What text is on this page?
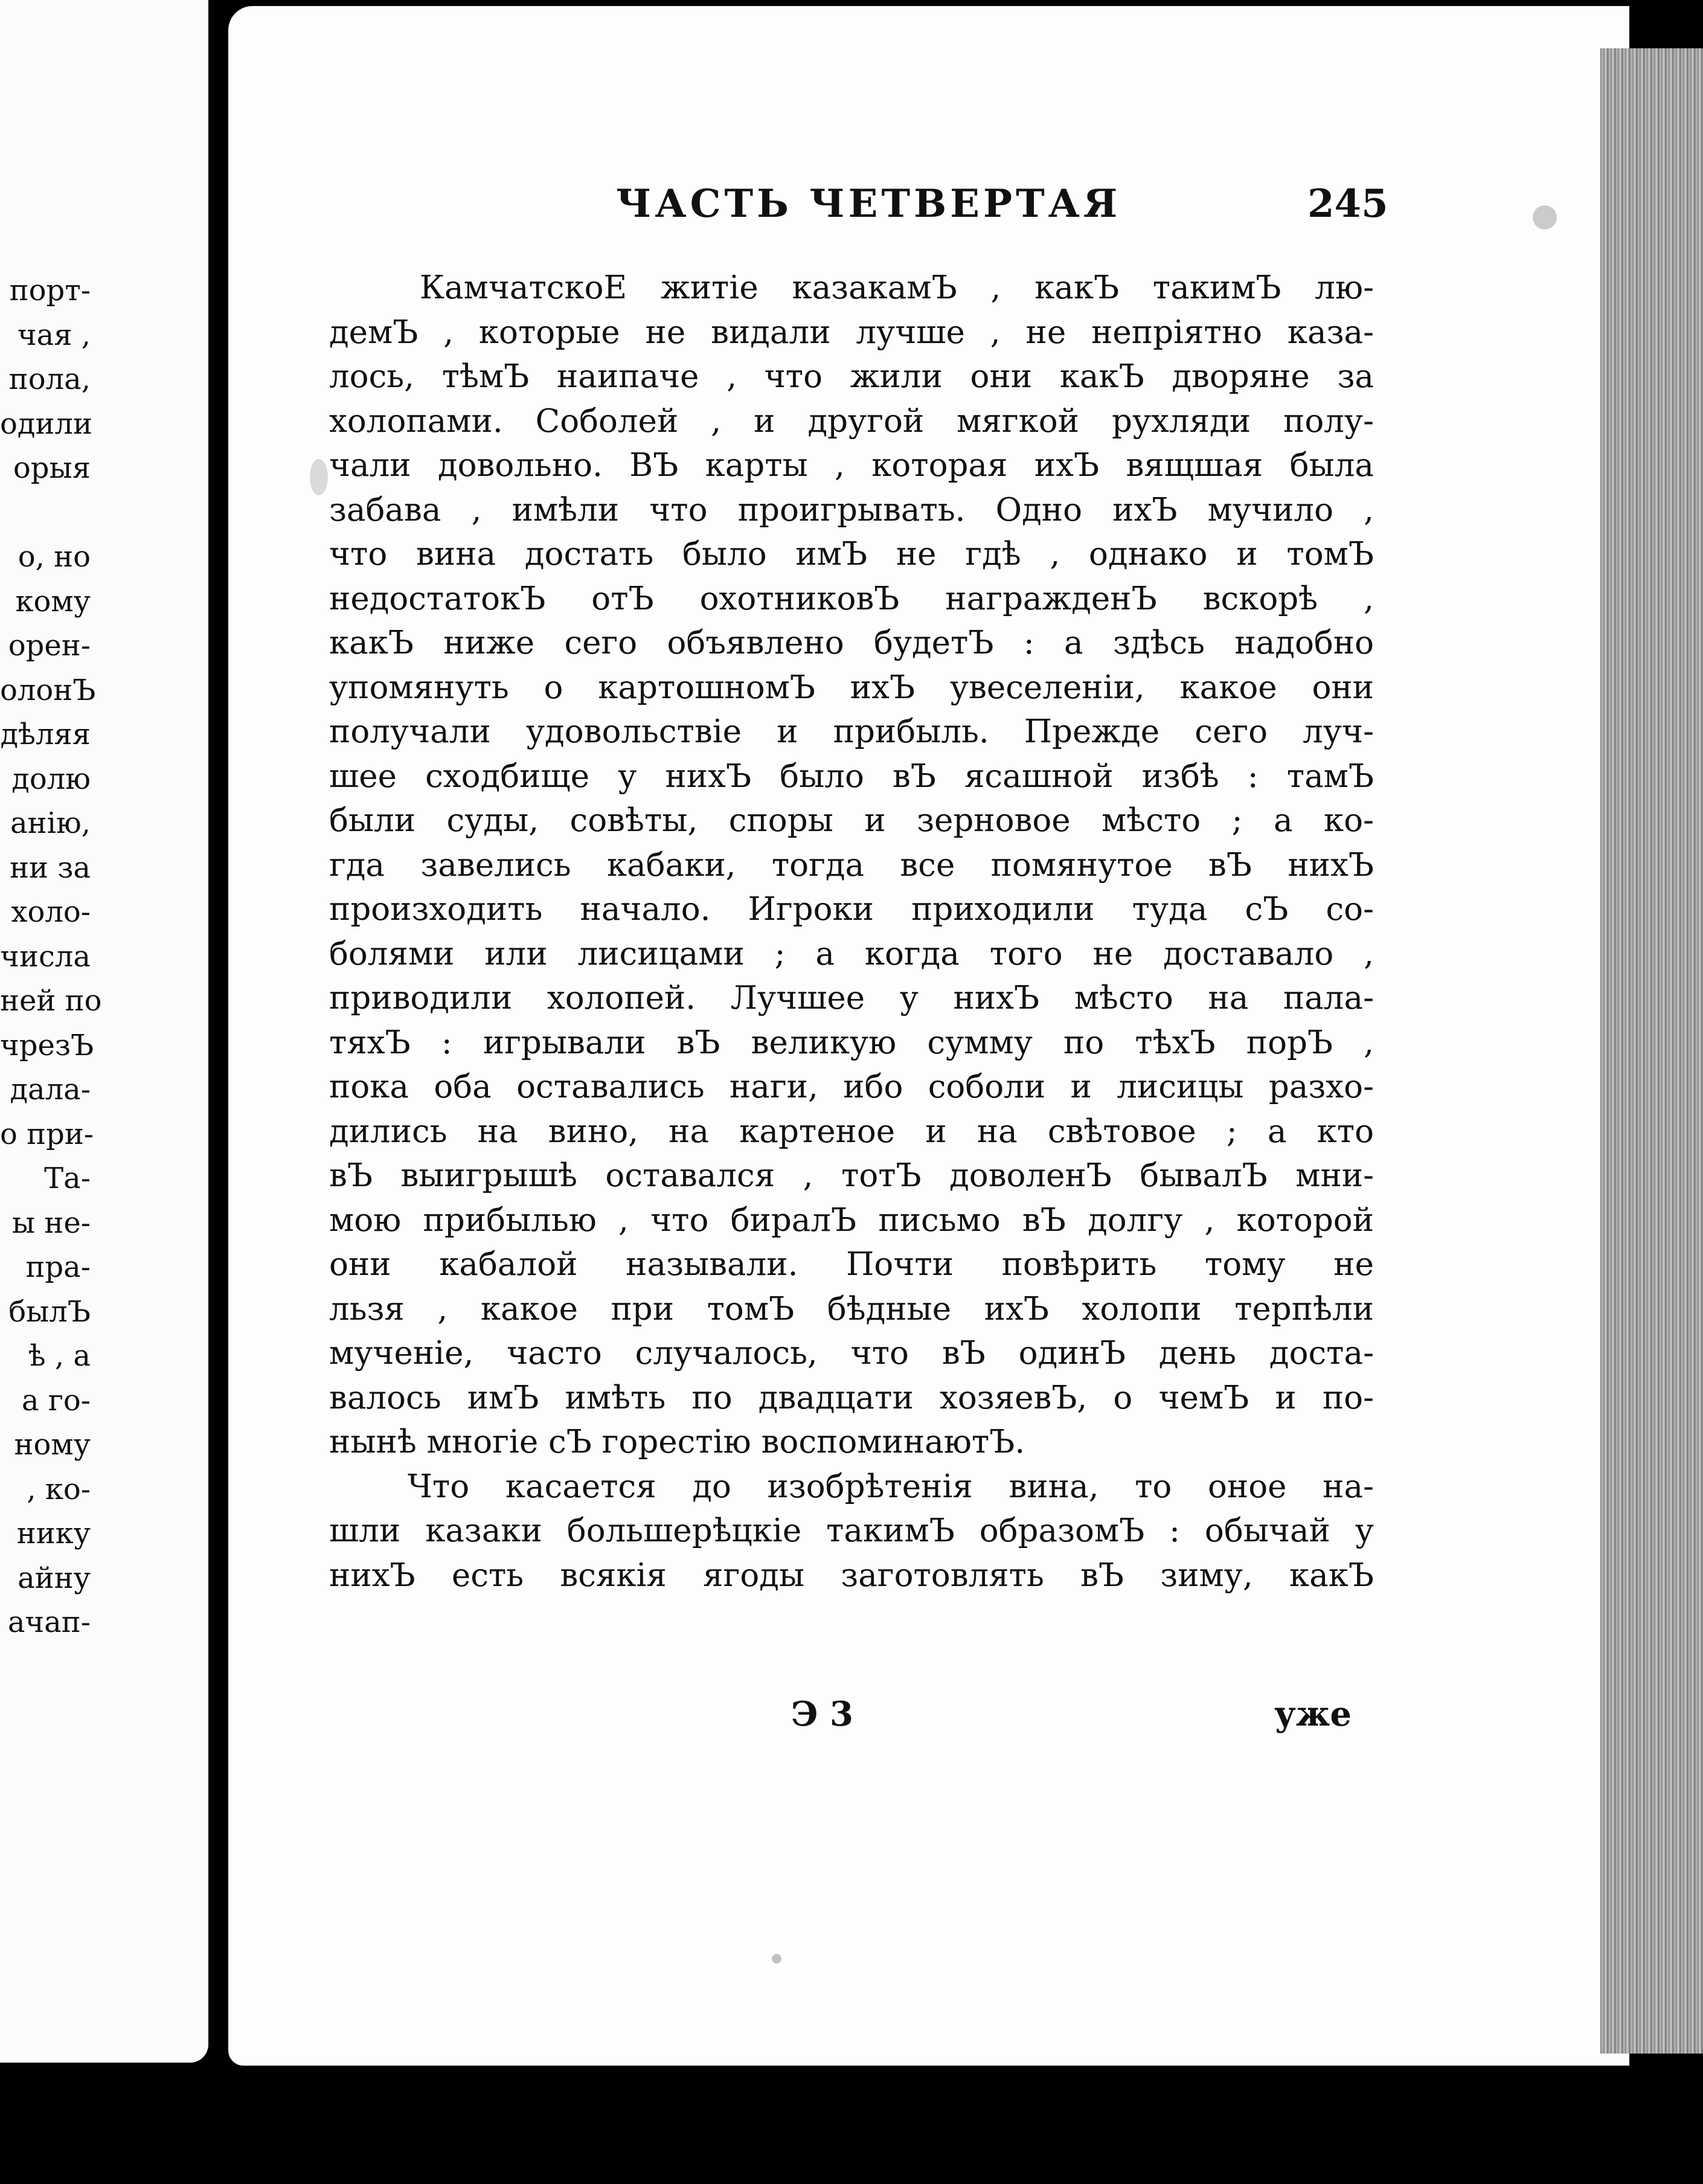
порт-
чая ,
пола,
одили
орыя
о, но
кому
орен-
олонЪ
дѣляя
долю
анiю,
ни за
холо-
числа
ней по
чрезЪ
дала-
о при-
Та-
ы не-
пра-
былЪ
ѣ , а
а го-
ному
, ко-
нику
айну
ачап-
ЧАСТЬ ЧЕТВЕРТАЯ	245
КамчатскоЕ житiе казакамЪ , какЪ такимЪ лю-
демЪ , которые не видали лучше , не непрiятно каза-
лось, тѣмЪ наипаче , что жили они какЪ дворяне за
холопами. Соболей , и другой мягкой рухляди полу-
чали довольно. ВЪ карты , которая ихЪ вящшая была
забава , имѣли что проигрывать. Одно ихЪ мучило ,
что вина достать было имЪ не гдѣ , однако и томЪ
недостатокЪ отЪ охотниковЪ награжденЪ вскорѣ ,
какЪ ниже сего объявлено будетЪ : а здѣсь надобно
упомянуть о картошномЪ ихЪ увеселенiи, какое они
получали удовольствiе и прибыль. Прежде сего луч-
шее сходбище у нихЪ было вЪ ясашной избѣ : тамЪ
были суды, совѣты, споры и зерновое мѣсто ; а ко-
гда завелись кабаки, тогда все помянутое вЪ нихЪ
произходить начало. Игроки приходили туда сЪ со-
болями или лисицами ; а когда того не доставало ,
приводили холопей. Лучшее у нихЪ мѣсто на пала-
тяхЪ : игрывали вЪ великую сумму по тѣхЪ порЪ ,
пока оба оставались наги, ибо соболи и лисицы разхо-
дились на вино, на картеное и на свѣтовое ; а кто
вЪ выигрышѣ оставался , тотЪ доволенЪ бывалЪ мни-
мою прибылью , что биралЪ письмо вЪ долгу , которой
они кабалой называли. Почти повѣрить тому не
льзя , какое при томЪ бѣдные ихЪ холопи терпѣли
мученiе, часто случалось, что вЪ одинЪ день доста-
валось имЪ имѣть по двадцати хозяевЪ, о чемЪ и по-
нынѣ многiе сЪ горестiю воспоминаютЪ.
Что касается до изобрѣтенiя вина, то оное на-
шли казаки большерѣцкiе такимЪ образомЪ : обычай у
нихЪ есть всякiя ягоды заготовлять вЪ зиму, какЪ
Э 3	уже
